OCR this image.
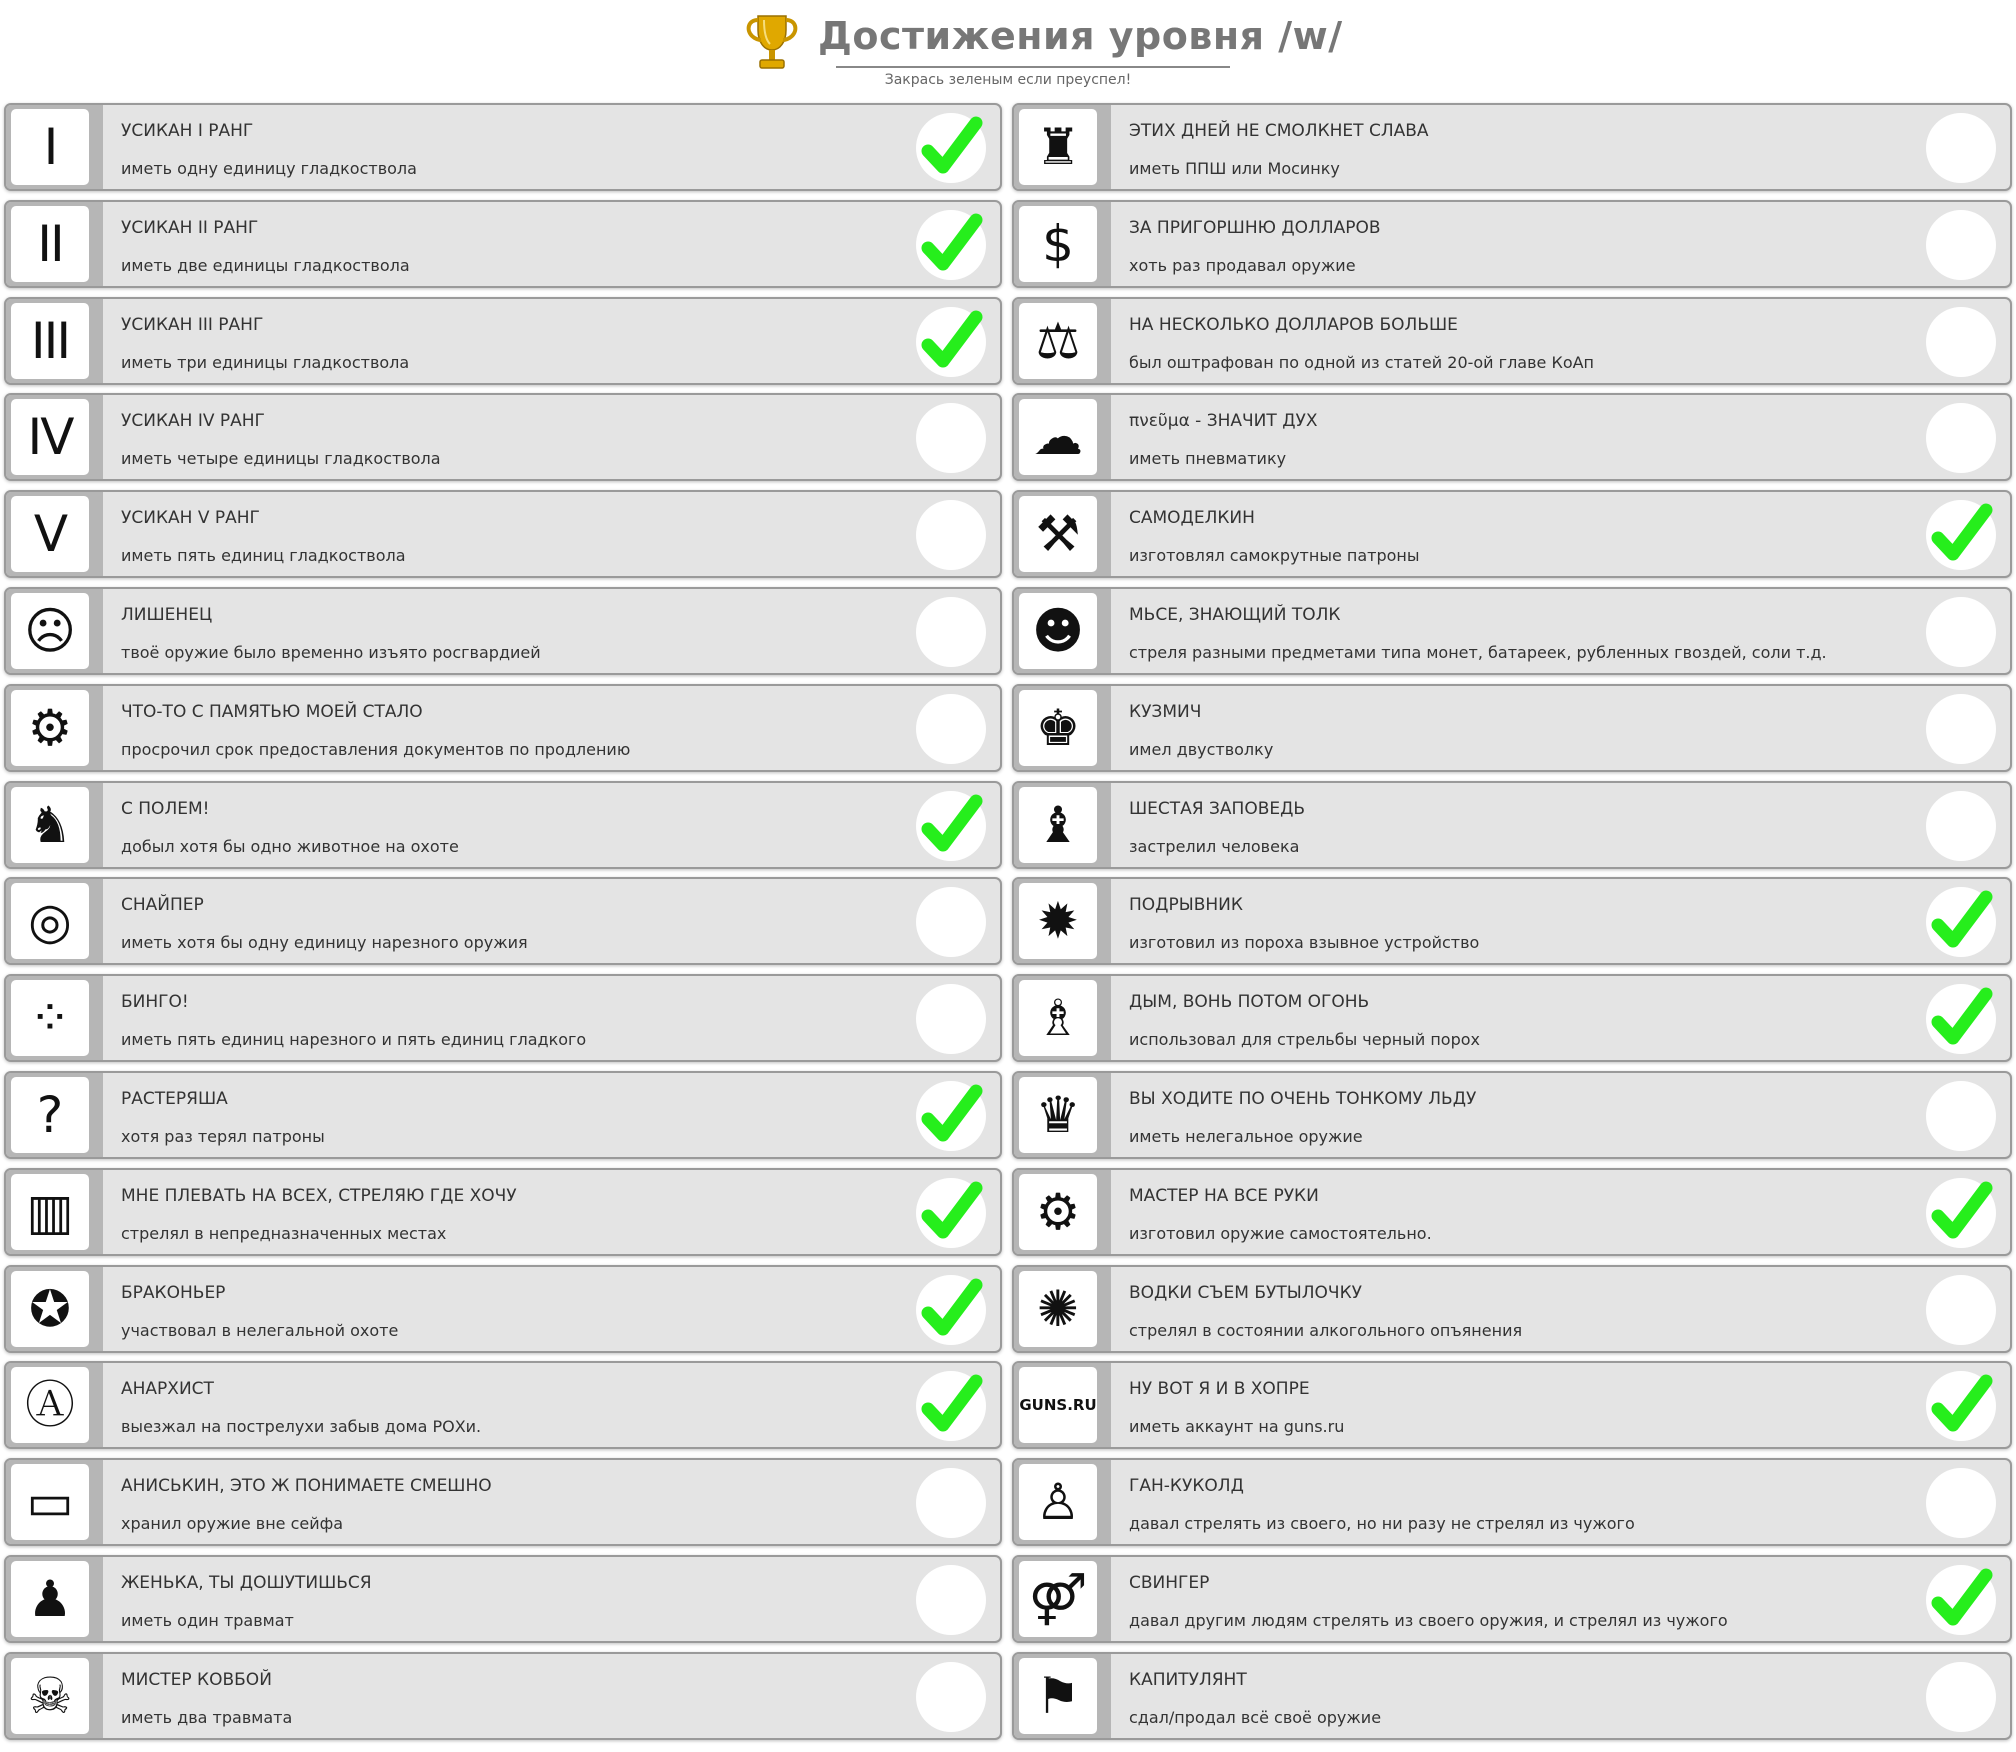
Достижения уровня /w/
Закрась зеленым если преуспел!
I	УСИКАН I РАНГ
иметь одну единицу гладкоствола
II	УСИКАН II РАНГ
иметь две единицы гладкоствола
III	УСИКАН III РАНГ
иметь три единицы гладкоствола
IV	УСИКАН IV РАНГ
иметь четыре единицы гладкоствола
V	УСИКАН V РАНГ
иметь пять единиц гладкоствола
☹	ЛИШЕНЕЦ
твоё оружие было временно изъято росгвардией
⚙	ЧТО-ТО С ПАМЯТЬЮ МОЕЙ СТАЛО
просрочил срок предоставления документов по продлению
♞	С ПОЛЕМ!
добыл хотя бы одно животное на охоте
◎	СНАЙПЕР
иметь хотя бы одну единицу нарезного оружия
⁘	БИНГО!
иметь пять единиц нарезного и пять единиц гладкого
?	РАСТЕРЯША
хотя раз терял патроны
▥	МНЕ ПЛЕВАТЬ НА ВСЕХ, СТРЕЛЯЮ ГДЕ ХОЧУ
стрелял в непредназначенных местах
✪	БРАКОНЬЕР
участвовал в нелегальной охоте
Ⓐ	АНАРХИСТ
выезжал на пострелухи забыв дома РОХи.
▭	АНИСЬКИН, ЭТО Ж ПОНИМАЕТЕ СМЕШНО
хранил оружие вне сейфа
♟	ЖЕНЬКА, ТЫ ДОШУТИШЬСЯ
иметь один травмат
☠	МИСТЕР КОВБОЙ
иметь два травмата
♜	ЭТИХ ДНЕЙ НЕ СМОЛКНЕТ СЛАВА
иметь ППШ или Мосинку
$	ЗА ПРИГОРШНЮ ДОЛЛАРОВ
хоть раз продавал оружие
⚖	НА НЕСКОЛЬКО ДОЛЛАРОВ БОЛЬШЕ
был оштрафован по одной из статей 20-ой главе КоАп
☁	πνεῦμα - ЗНАЧИТ ДУХ
иметь пневматику
⚒	САМОДЕЛКИН
изготовлял самокрутные патроны
☻	МЬСЕ, ЗНАЮЩИЙ ТОЛК
стреля разными предметами типа монет, батареек, рубленных гвоздей, соли т.д.
♚	КУЗМИЧ
имел двустволку
♝	ШЕСТАЯ ЗАПОВЕДЬ
застрелил человека
✹	ПОДРЫВНИК
изготовил из пороха взывное устройство
♗	ДЫМ, ВОНЬ ПОТОМ ОГОНЬ
использовал для стрельбы черный порох
♛	ВЫ ХОДИТЕ ПО ОЧЕНЬ ТОНКОМУ ЛЬДУ
иметь нелегальное оружие
⚙	МАСТЕР НА ВСЕ РУКИ
изготовил оружие самостоятельно.
✺	ВОДКИ СЪЕМ БУТЫЛОЧКУ
стрелял в состоянии алкогольного опъянения
GUNS.RU
НУ ВОТ Я И В ХОПРЕ
иметь аккаунт на guns.ru
♙	ГАН-КУКОЛД
давал стрелять из своего, но ни разу не стрелял из чужого
⚤ СВИНГЕР
давал другим людям стрелять из своего оружия, и стрелял из чужого
⚑	КАПИТУЛЯНТ
сдал/продал всё своё оружие
